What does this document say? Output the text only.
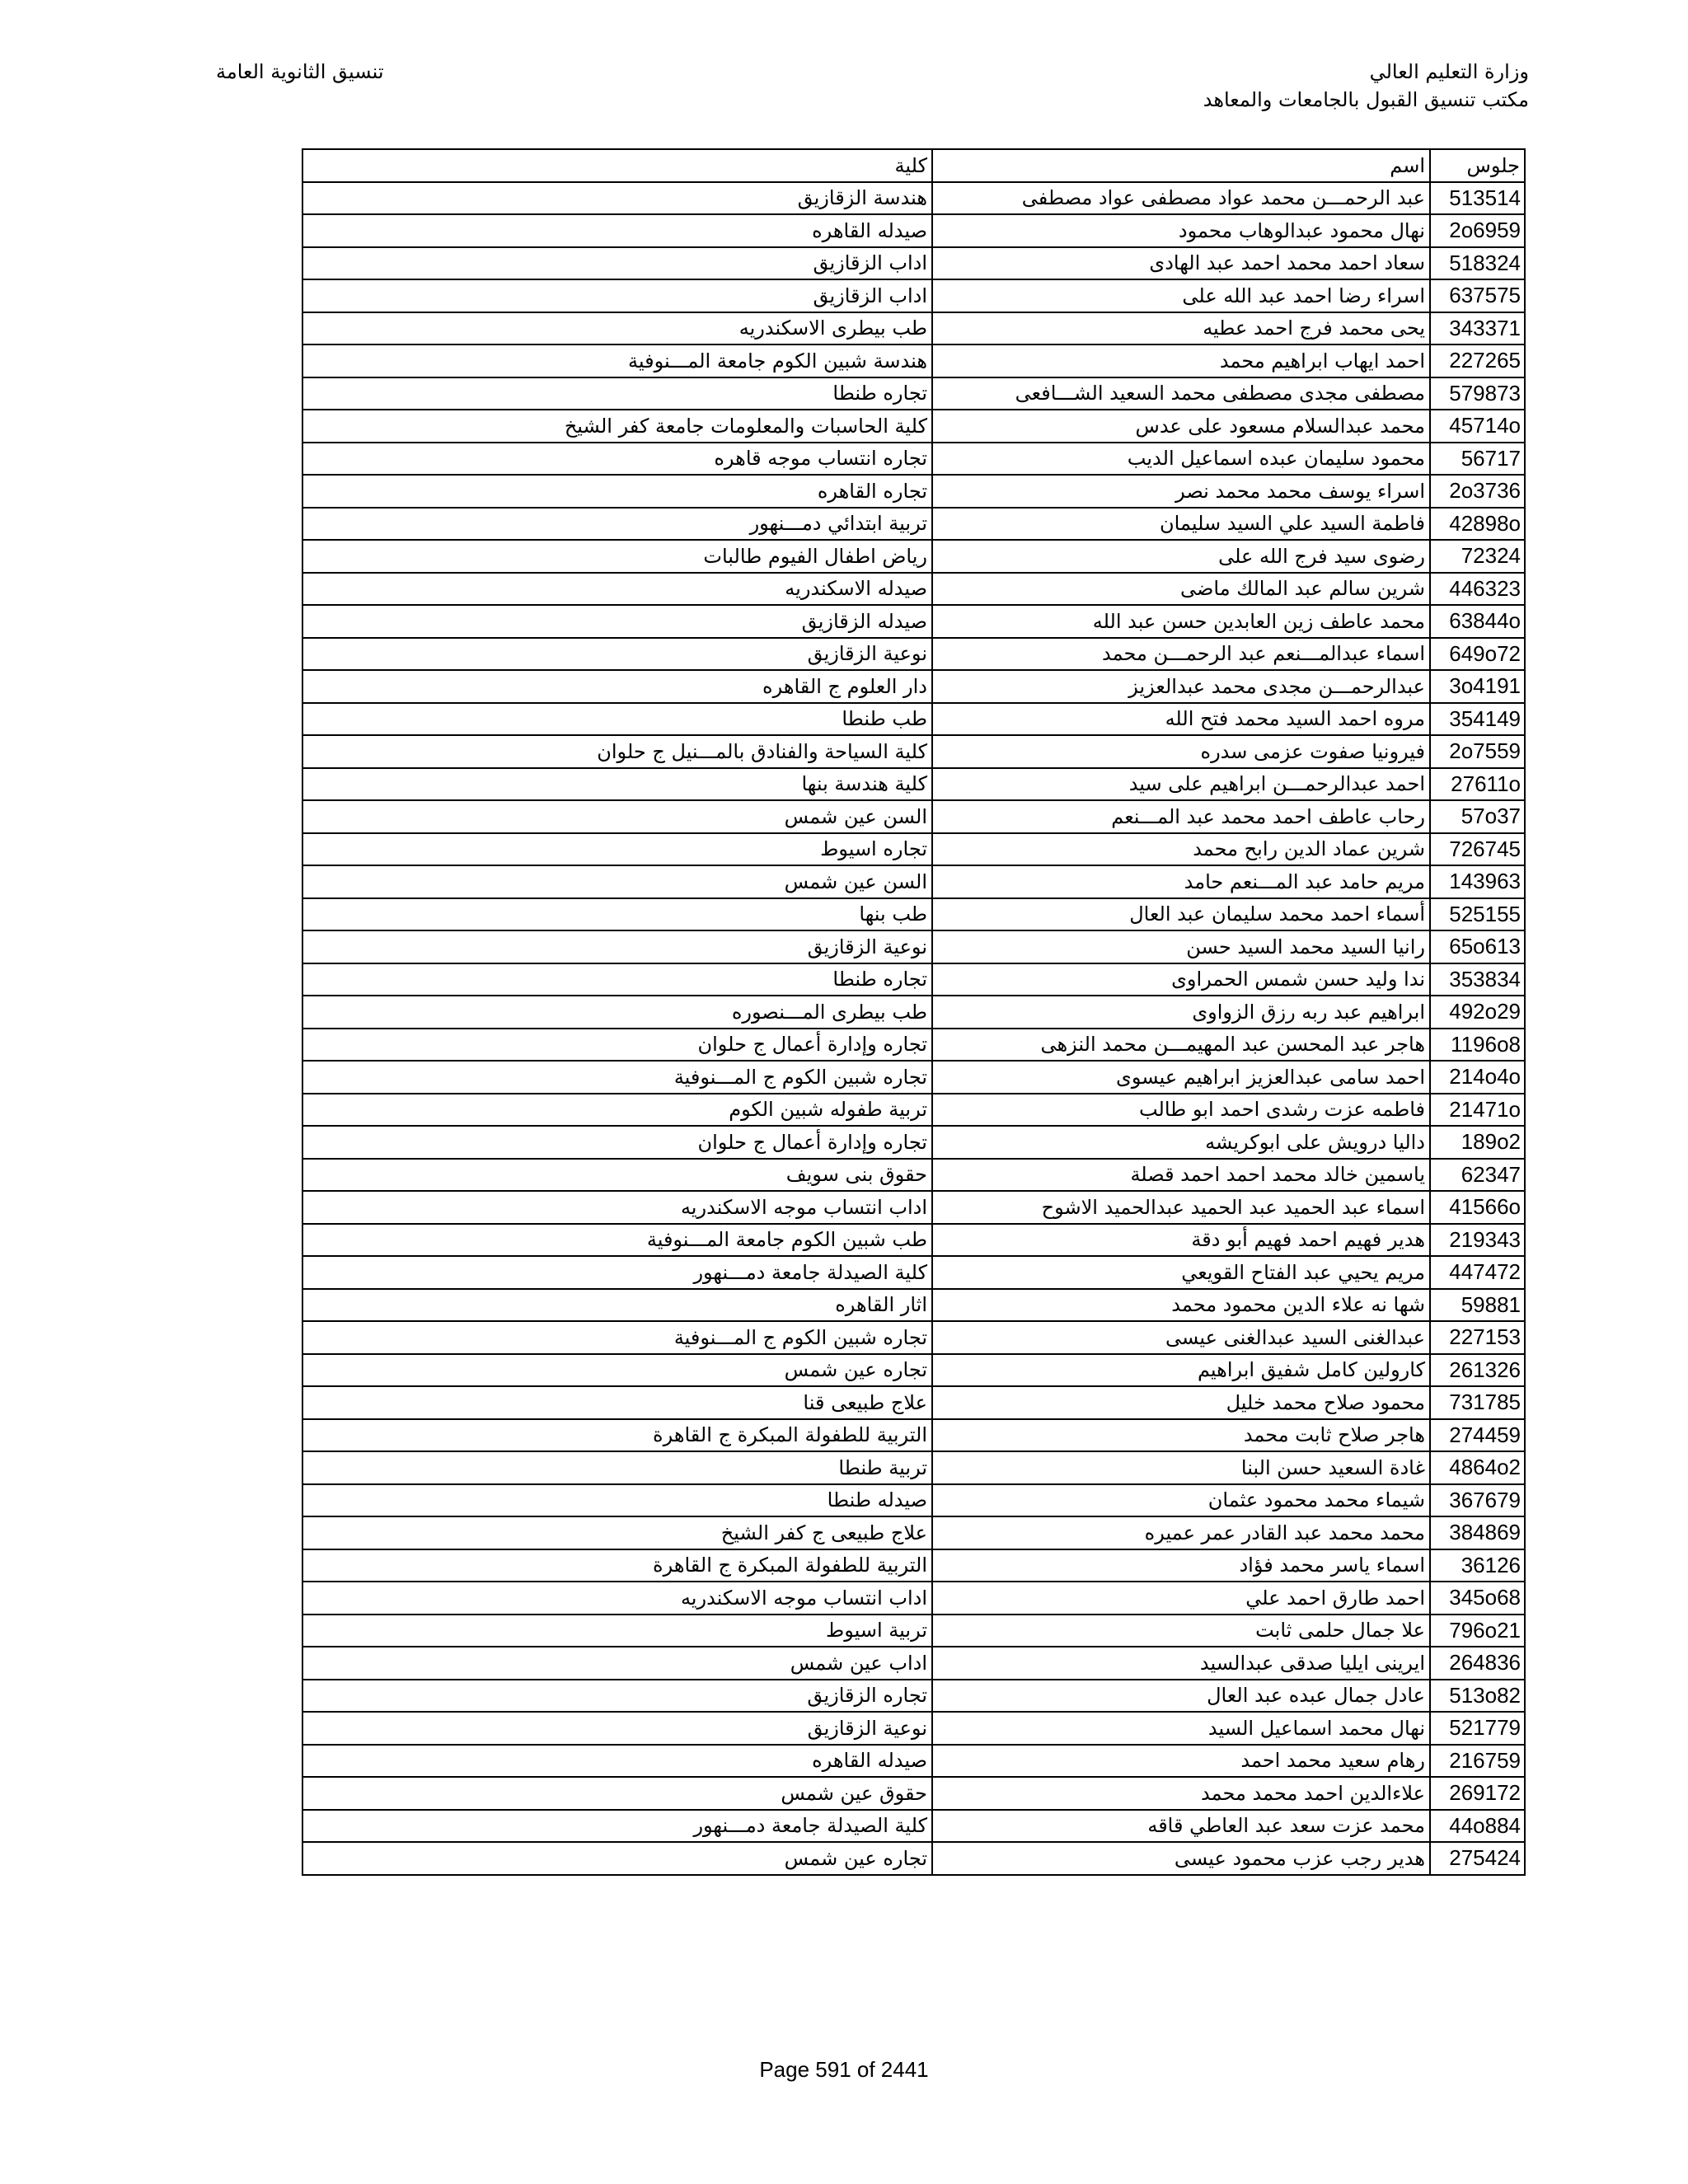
وزارة التعليم العالي
مكتب تنسيق القبول بالجامعات والمعاهد
تنسيق الثانوية العامة
جلوس	اسم	كلية
513514	عبد الرحمـــن محمد عواد مصطفى عواد مصطفى	هندسة الزقازيق
2o6959	نهال محمود عبدالوهاب محمود	صيدله القاهره
518324	سعاد احمد محمد احمد عبد الهادى	اداب الزقازيق
637575	اسراء رضا احمد عبد الله على	اداب الزقازيق
343371	يحى محمد فرج احمد عطيه	طب بيطرى الاسكندريه
227265	احمد ايهاب ابراهيم محمد	هندسة شبين الكوم جامعة المـــنوفية
579873	مصطفى مجدى مصطفى محمد السعيد الشـــافعى	تجاره طنطا
45714o	محمد عبدالسلام مسعود على عدس	كلية الحاسبات والمعلومات جامعة كفر الشيخ
56717	محمود سليمان عبده اسماعيل الديب	تجاره انتساب موجه قاهره
2o3736	اسراء يوسف محمد محمد نصر	تجاره القاهره
42898o	فاطمة السيد علي السيد سليمان	تربية ابتدائي دمـــنهور
72324	رضوى سيد فرج الله على	رياض اطفال الفيوم طالبات
446323	شرين سالم عبد المالك ماضى	صيدله الاسكندريه
63844o	محمد عاطف زين العابدين حسن عبد الله	صيدله الزقازيق
649o72	اسماء عبدالمـــنعم عبد الرحمـــن محمد	نوعية الزقازيق
3o4191	عبدالرحمـــن مجدى محمد عبدالعزيز	دار العلوم ج القاهره
354149	مروه احمد السيد محمد فتح الله	طب طنطا
2o7559	فيرونيا صفوت عزمى سدره	كلية السياحة والفنادق بالمـــنيل ج حلوان
27611o	احمد عبدالرحمـــن ابراهيم على سيد	كلية هندسة بنها
57o37	رحاب عاطف احمد محمد عبد المـــنعم	السن عين شمس
726745	شرين عماد الدين رابح محمد	تجاره اسيوط
143963	مريم حامد عبد المـــنعم حامد	السن عين شمس
525155	أسماء احمد محمد سليمان عبد العال	طب بنها
65o613	رانيا السيد محمد السيد حسن	نوعية الزقازيق
353834	ندا وليد حسن شمس الحمراوى	تجاره طنطا
492o29	ابراهيم عبد ربه رزق الزواوى	طب بيطرى المـــنصوره
1196o8	هاجر عبد المحسن عبد المهيمـــن محمد النزهى	تجاره وإدارة أعمال ج حلوان
214o4o	احمد سامى عبدالعزيز ابراهيم عيسوى	تجاره شبين الكوم ج المـــنوفية
21471o	فاطمه عزت رشدى احمد ابو طالب	تربية طفوله شبين الكوم
189o2	داليا درويش على ابوكريشه	تجاره وإدارة أعمال ج حلوان
62347	ياسمين خالد محمد احمد احمد قصلة	حقوق بنى سويف
41566o	اسماء عبد الحميد عبد الحميد عبدالحميد الاشوح	اداب انتساب موجه الاسكندريه
219343	هدير فهيم احمد فهيم أبو دقة	طب شبين الكوم جامعة المـــنوفية
447472	مريم يحيي عبد الفتاح القويعي	كلية الصيدلة جامعة دمـــنهور
59881	شها نه علاء الدين محمود محمد	اثار القاهره
227153	عبدالغنى السيد عبدالغنى عيسى	تجاره شبين الكوم ج المـــنوفية
261326	كارولين كامل شفيق ابراهيم	تجاره عين شمس
731785	محمود صلاح محمد خليل	علاج طبيعى قنا
274459	هاجر صلاح ثابت محمد	التربية للطفولة المبكرة ج القاهرة
4864o2	غادة السعيد حسن البنا	تربية طنطا
367679	شيماء محمد محمود عثمان	صيدله طنطا
384869	محمد محمد عبد القادر عمر عميره	علاج طبيعى ج كفر الشيخ
36126	اسماء ياسر محمد فؤاد	التربية للطفولة المبكرة ج القاهرة
345o68	احمد طارق احمد علي	اداب انتساب موجه الاسكندريه
796o21	علا جمال حلمى ثابت	تربية اسيوط
264836	ايرينى ايليا صدقى عبدالسيد	اداب عين شمس
513o82	عادل جمال عبده عبد العال	تجاره الزقازيق
521779	نهال محمد اسماعيل السيد	نوعية الزقازيق
216759	رهام سعيد محمد احمد	صيدله القاهره
269172	علاءالدين احمد محمد محمد	حقوق عين شمس
44o884	محمد عزت سعد عبد العاطي قاقه	كلية الصيدلة جامعة دمـــنهور
275424	هدير رجب عزب محمود عيسى	تجاره عين شمس
Page 591 of 2441
